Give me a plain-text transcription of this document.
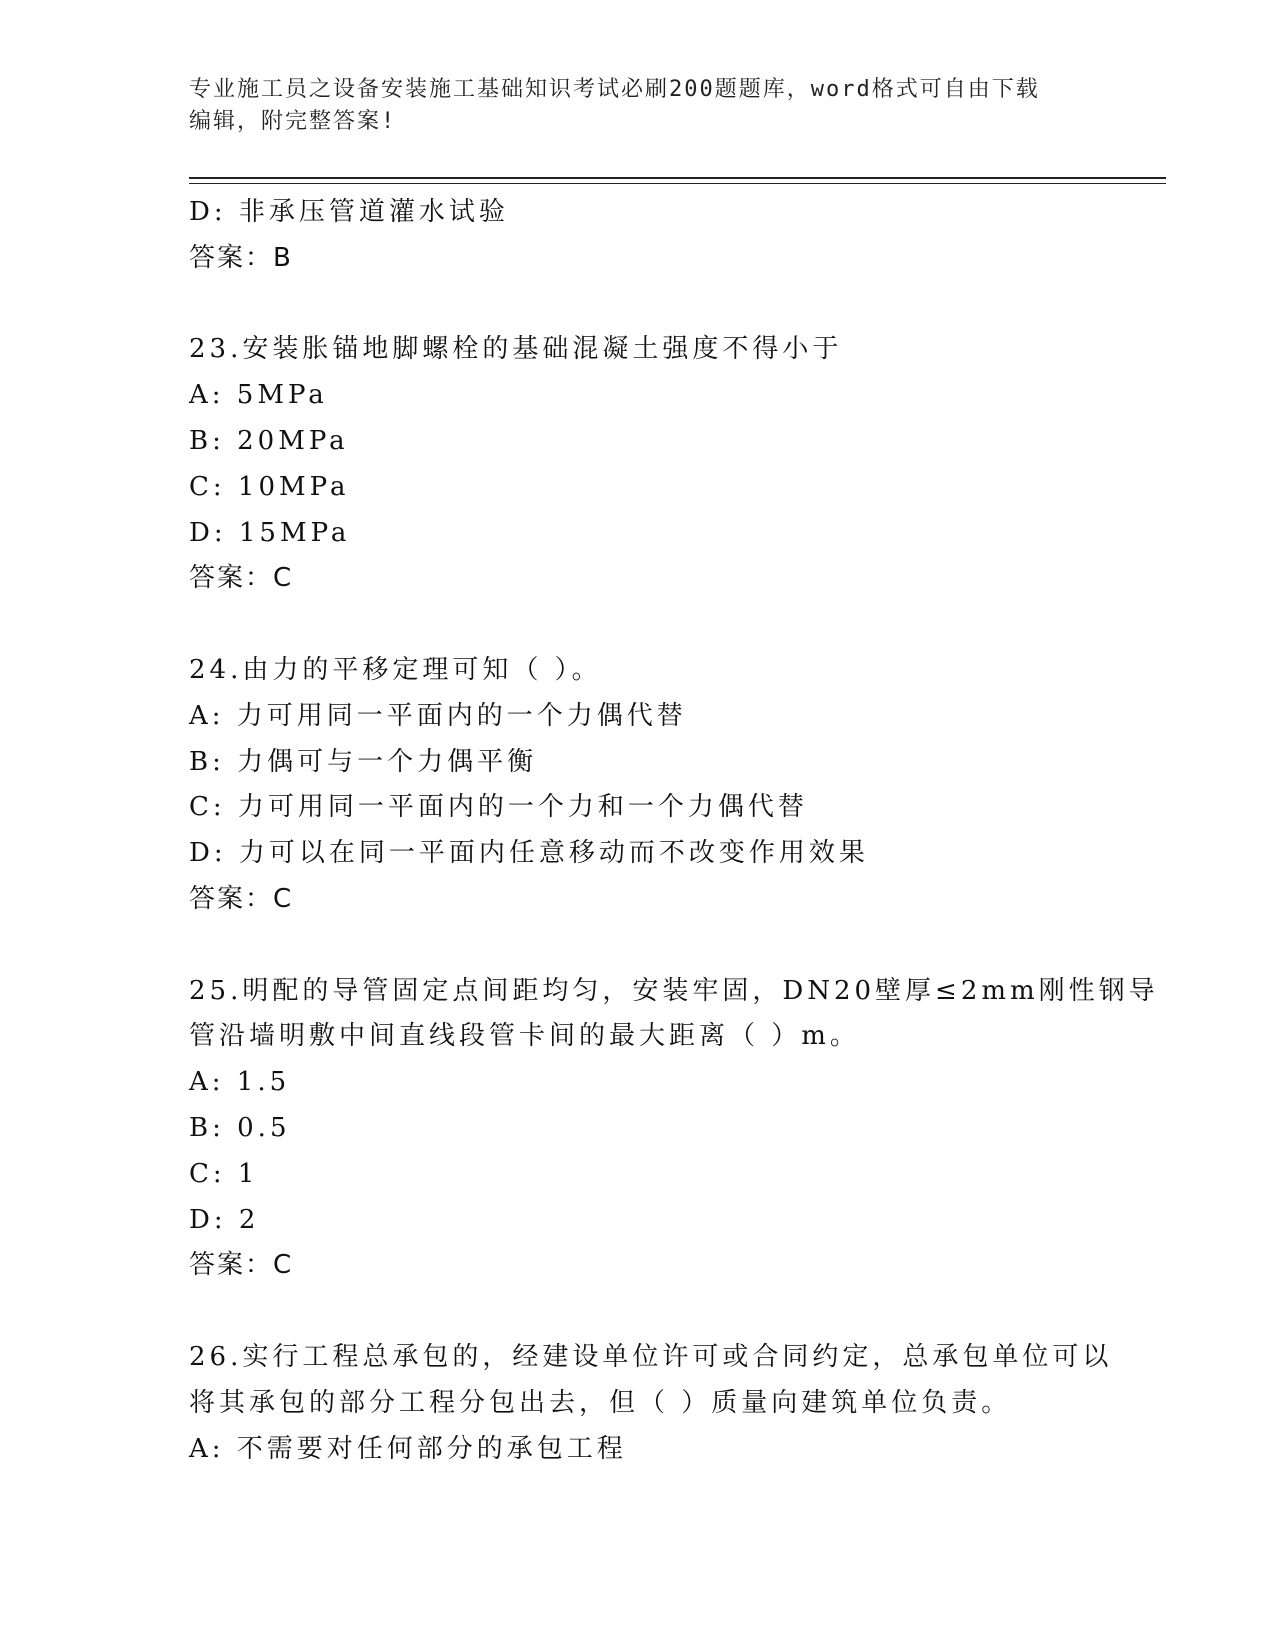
专业施工员之设备安装施工基础知识考试必刷200题题库，word格式可自由下载
编辑，附完整答案!
D: 非承压管道灌水试验
答案：B
23.安装胀锚地脚螺栓的基础混凝土强度不得小于
A: 5MPa
B: 20MPa
C: 10MPa
D: 15MPa
答案：C
24.由力的平移定理可知（ ）。
A: 力可用同一平面内的一个力偶代替
B: 力偶可与一个力偶平衡
C: 力可用同一平面内的一个力和一个力偶代替
D: 力可以在同一平面内任意移动而不改变作用效果
答案：C
25.明配的导管固定点间距均匀，安装牢固，DN20壁厚≤2mm刚性钢导
管沿墙明敷中间直线段管卡间的最大距离（ ）m。
A: 1.5
B: 0.5
C: 1
D: 2
答案：C
26.实行工程总承包的，经建设单位许可或合同约定，总承包单位可以
将其承包的部分工程分包出去，但（ ）质量向建筑单位负责。
A: 不需要对任何部分的承包工程
